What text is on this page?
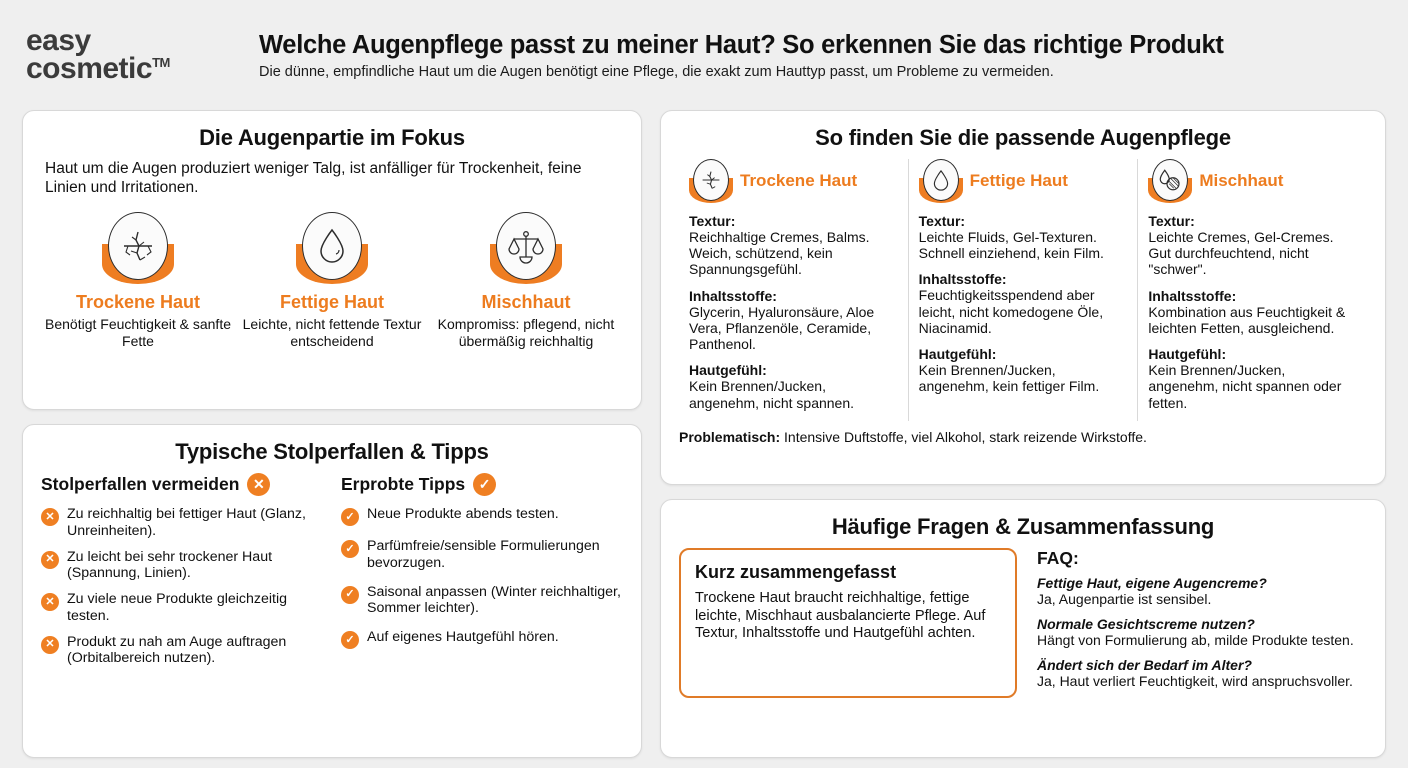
easy
cosmetic™
Welche Augenpflege passt zu meiner Haut? So erkennen Sie das richtige Produkt
Die dünne, empfindliche Haut um die Augen benötigt eine Pflege, die exakt zum Hauttyp passt, um Probleme zu vermeiden.
Die Augenpartie im Fokus
Haut um die Augen produziert weniger Talg, ist anfälliger für Trockenheit, feine Linien und Irritationen.
Trockene Haut
Benötigt Feuchtigkeit & sanfte Fette
Fettige Haut
Leichte, nicht fettende Textur entscheidend
Mischhaut
Kompromiss: pflegend, nicht übermäßig reichhaltig
Typische Stolperfallen & Tipps
Stolperfallen vermeiden ✕
✕ Zu reichhaltig bei fettiger Haut (Glanz, Unreinheiten).
✕ Zu leicht bei sehr trockener Haut (Spannung, Linien).
✕ Zu viele neue Produkte gleichzeitig testen.
✕ Produkt zu nah am Auge auftragen (Orbitalbereich nutzen).
Erprobte Tipps ✓
✓ Neue Produkte abends testen.
✓ Parfümfreie/sensible Formulierungen bevorzugen.
✓ Saisonal anpassen (Winter reichhaltiger, Sommer leichter).
✓ Auf eigenes Hautgefühl hören.
So finden Sie die passende Augenpflege
Trockene Haut
Textur:
Reichhaltige Cremes, Balms. Weich, schützend, kein Spannungsgefühl.
Inhaltsstoffe:
Glycerin, Hyaluronsäure, Aloe Vera, Pflanzenöle, Ceramide, Panthenol.
Hautgefühl:
Kein Brennen/Jucken, angenehm, nicht spannen.
Fettige Haut
Textur:
Leichte Fluids, Gel-Texturen. Schnell einziehend, kein Film.
Inhaltsstoffe:
Feuchtigkeitsspendend aber leicht, nicht komedogene Öle, Niacinamid.
Hautgefühl:
Kein Brennen/Jucken, angenehm, kein fettiger Film.
Mischhaut
Textur:
Leichte Cremes, Gel-Cremes. Gut durchfeuchtend, nicht "schwer".
Inhaltsstoffe:
Kombination aus Feuchtigkeit & leichten Fetten, ausgleichend.
Hautgefühl:
Kein Brennen/Jucken, angenehm, nicht spannen oder fetten.
Problematisch: Intensive Duftstoffe, viel Alkohol, stark reizende Wirkstoffe.
Häufige Fragen & Zusammenfassung
Kurz zusammengefasst
Trockene Haut braucht reichhaltige, fettige leichte, Mischhaut ausbalancierte Pflege. Auf Textur, Inhaltsstoffe und Hautgefühl achten.
FAQ:
Fettige Haut, eigene Augencreme?
Ja, Augenpartie ist sensibel.
Normale Gesichtscreme nutzen?
Hängt von Formulierung ab, milde Produkte testen.
Ändert sich der Bedarf im Alter?
Ja, Haut verliert Feuchtigkeit, wird anspruchsvoller.
